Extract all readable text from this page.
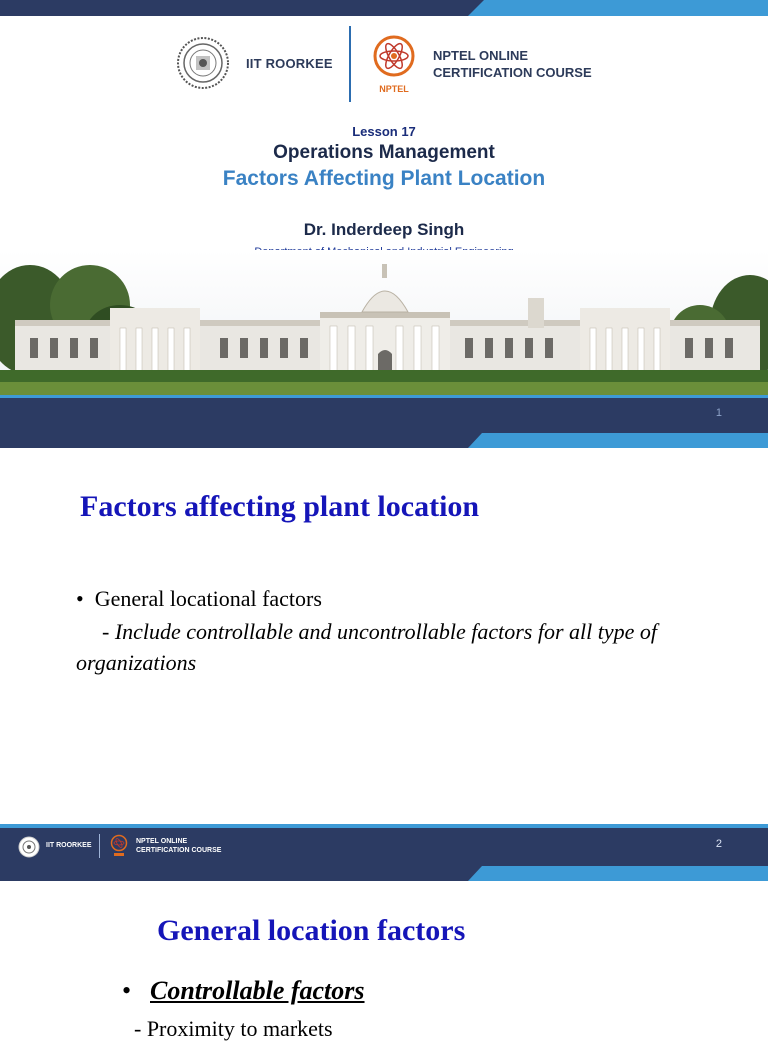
IIT ROORKEE
NPTEL
NPTEL ONLINE
CERTIFICATION COURSE
Lesson 17
Operations Management
Factors Affecting Plant Location
Dr. Inderdeep Singh
1
Factors affecting plant location
• General locational factors
- Include controllable and uncontrollable factors for all type of organizations
IIT ROORKEE
NPTEL ONLINE
CERTIFICATION COURSE
2
General location factors
• Controllable factors
- Proximity to markets
